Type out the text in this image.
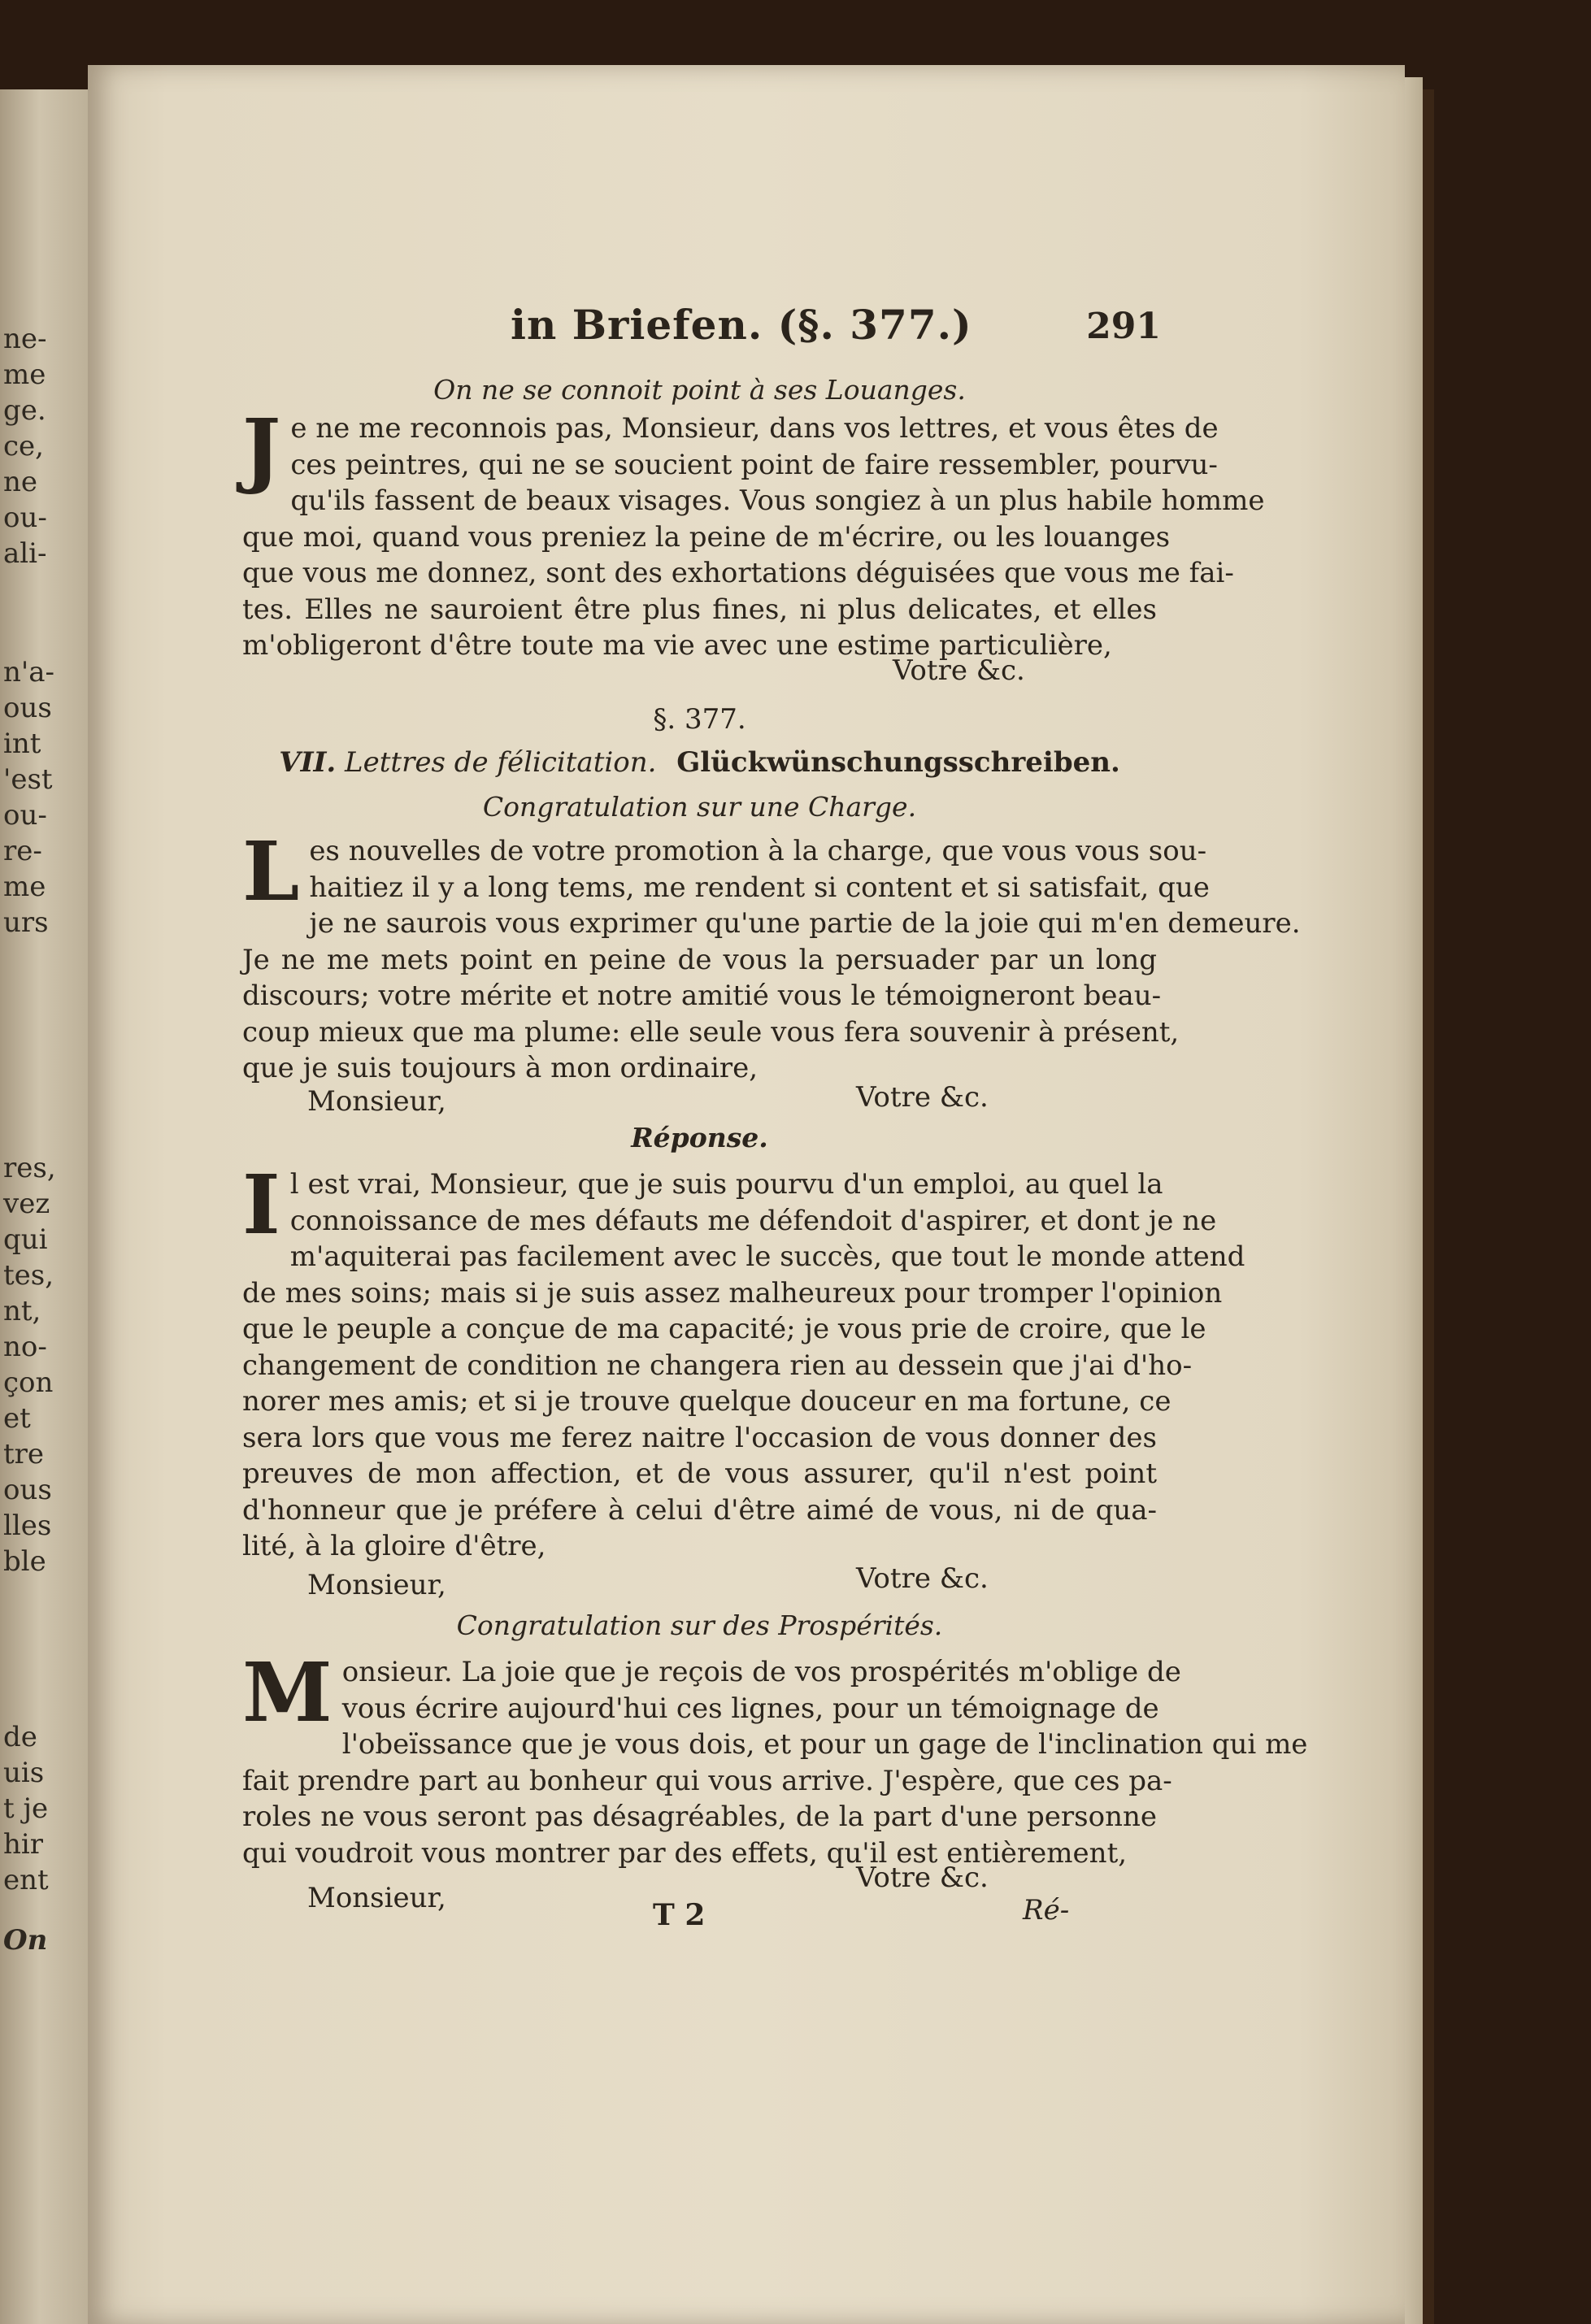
ne-
me
ge.
ce,
ne
ou-
ali-
n'a-
ous
int
'est
ou-
re-
me
urs
res,
vez
qui
tes,
nt,
no-
çon
et
tre
ous
lles
ble
de
uis
t je
hir
ent
On
in Briefen. (§. 377.)	291
On ne se connoit point à ses Louanges.
J e ne me reconnois pas, Monsieur, dans vos lettres, et vous êtes de
ces peintres, qui ne se soucient point de faire ressembler, pourvu-
qu'ils fassent de beaux visages. Vous songiez à un plus habile homme
que moi, quand vous preniez la peine de m'écrire, ou les louanges
que vous me donnez, sont des exhortations déguisées que vous me fai-
tes. Elles ne sauroient être plus fines, ni plus delicates, et elles
m'obligeront d'être toute ma vie avec une estime particulière,
Votre &c.
§. 377.
VII. Lettres de félicitation. Glückwünschungsschreiben.
Congratulation sur une Charge.
L es nouvelles de votre promotion à la charge, que vous vous sou-
haitiez il y a long tems, me rendent si content et si satisfait, que
je ne saurois vous exprimer qu'une partie de la joie qui m'en demeure.
Je ne me mets point en peine de vous la persuader par un long
discours; votre mérite et notre amitié vous le témoigneront beau-
coup mieux que ma plume: elle seule vous fera souvenir à présent,
que je suis toujours à mon ordinaire,
Monsieur,	Votre &c.
Réponse.
I l est vrai, Monsieur, que je suis pourvu d'un emploi, au quel la
connoissance de mes défauts me défendoit d'aspirer, et dont je ne
m'aquiterai pas facilement avec le succès, que tout le monde attend
de mes soins; mais si je suis assez malheureux pour tromper l'opinion
que le peuple a conçue de ma capacité; je vous prie de croire, que le
changement de condition ne changera rien au dessein que j'ai d'ho-
norer mes amis; et si je trouve quelque douceur en ma fortune, ce
sera lors que vous me ferez naitre l'occasion de vous donner des
preuves de mon affection, et de vous assurer, qu'il n'est point
d'honneur que je préfere à celui d'être aimé de vous, ni de qua-
lité, à la gloire d'être,
Monsieur,	Votre &c.
Congratulation sur des Prospérités.
M onsieur. La joie que je reçois de vos prospérités m'oblige de
vous écrire aujourd'hui ces lignes, pour un témoignage de
l'obeïssance que je vous dois, et pour un gage de l'inclination qui me
fait prendre part au bonheur qui vous arrive. J'espère, que ces pa-
roles ne vous seront pas désagréables, de la part d'une personne
qui voudroit vous montrer par des effets, qu'il est entièrement,
Monsieur,
Votre &c.
T 2	Ré-
